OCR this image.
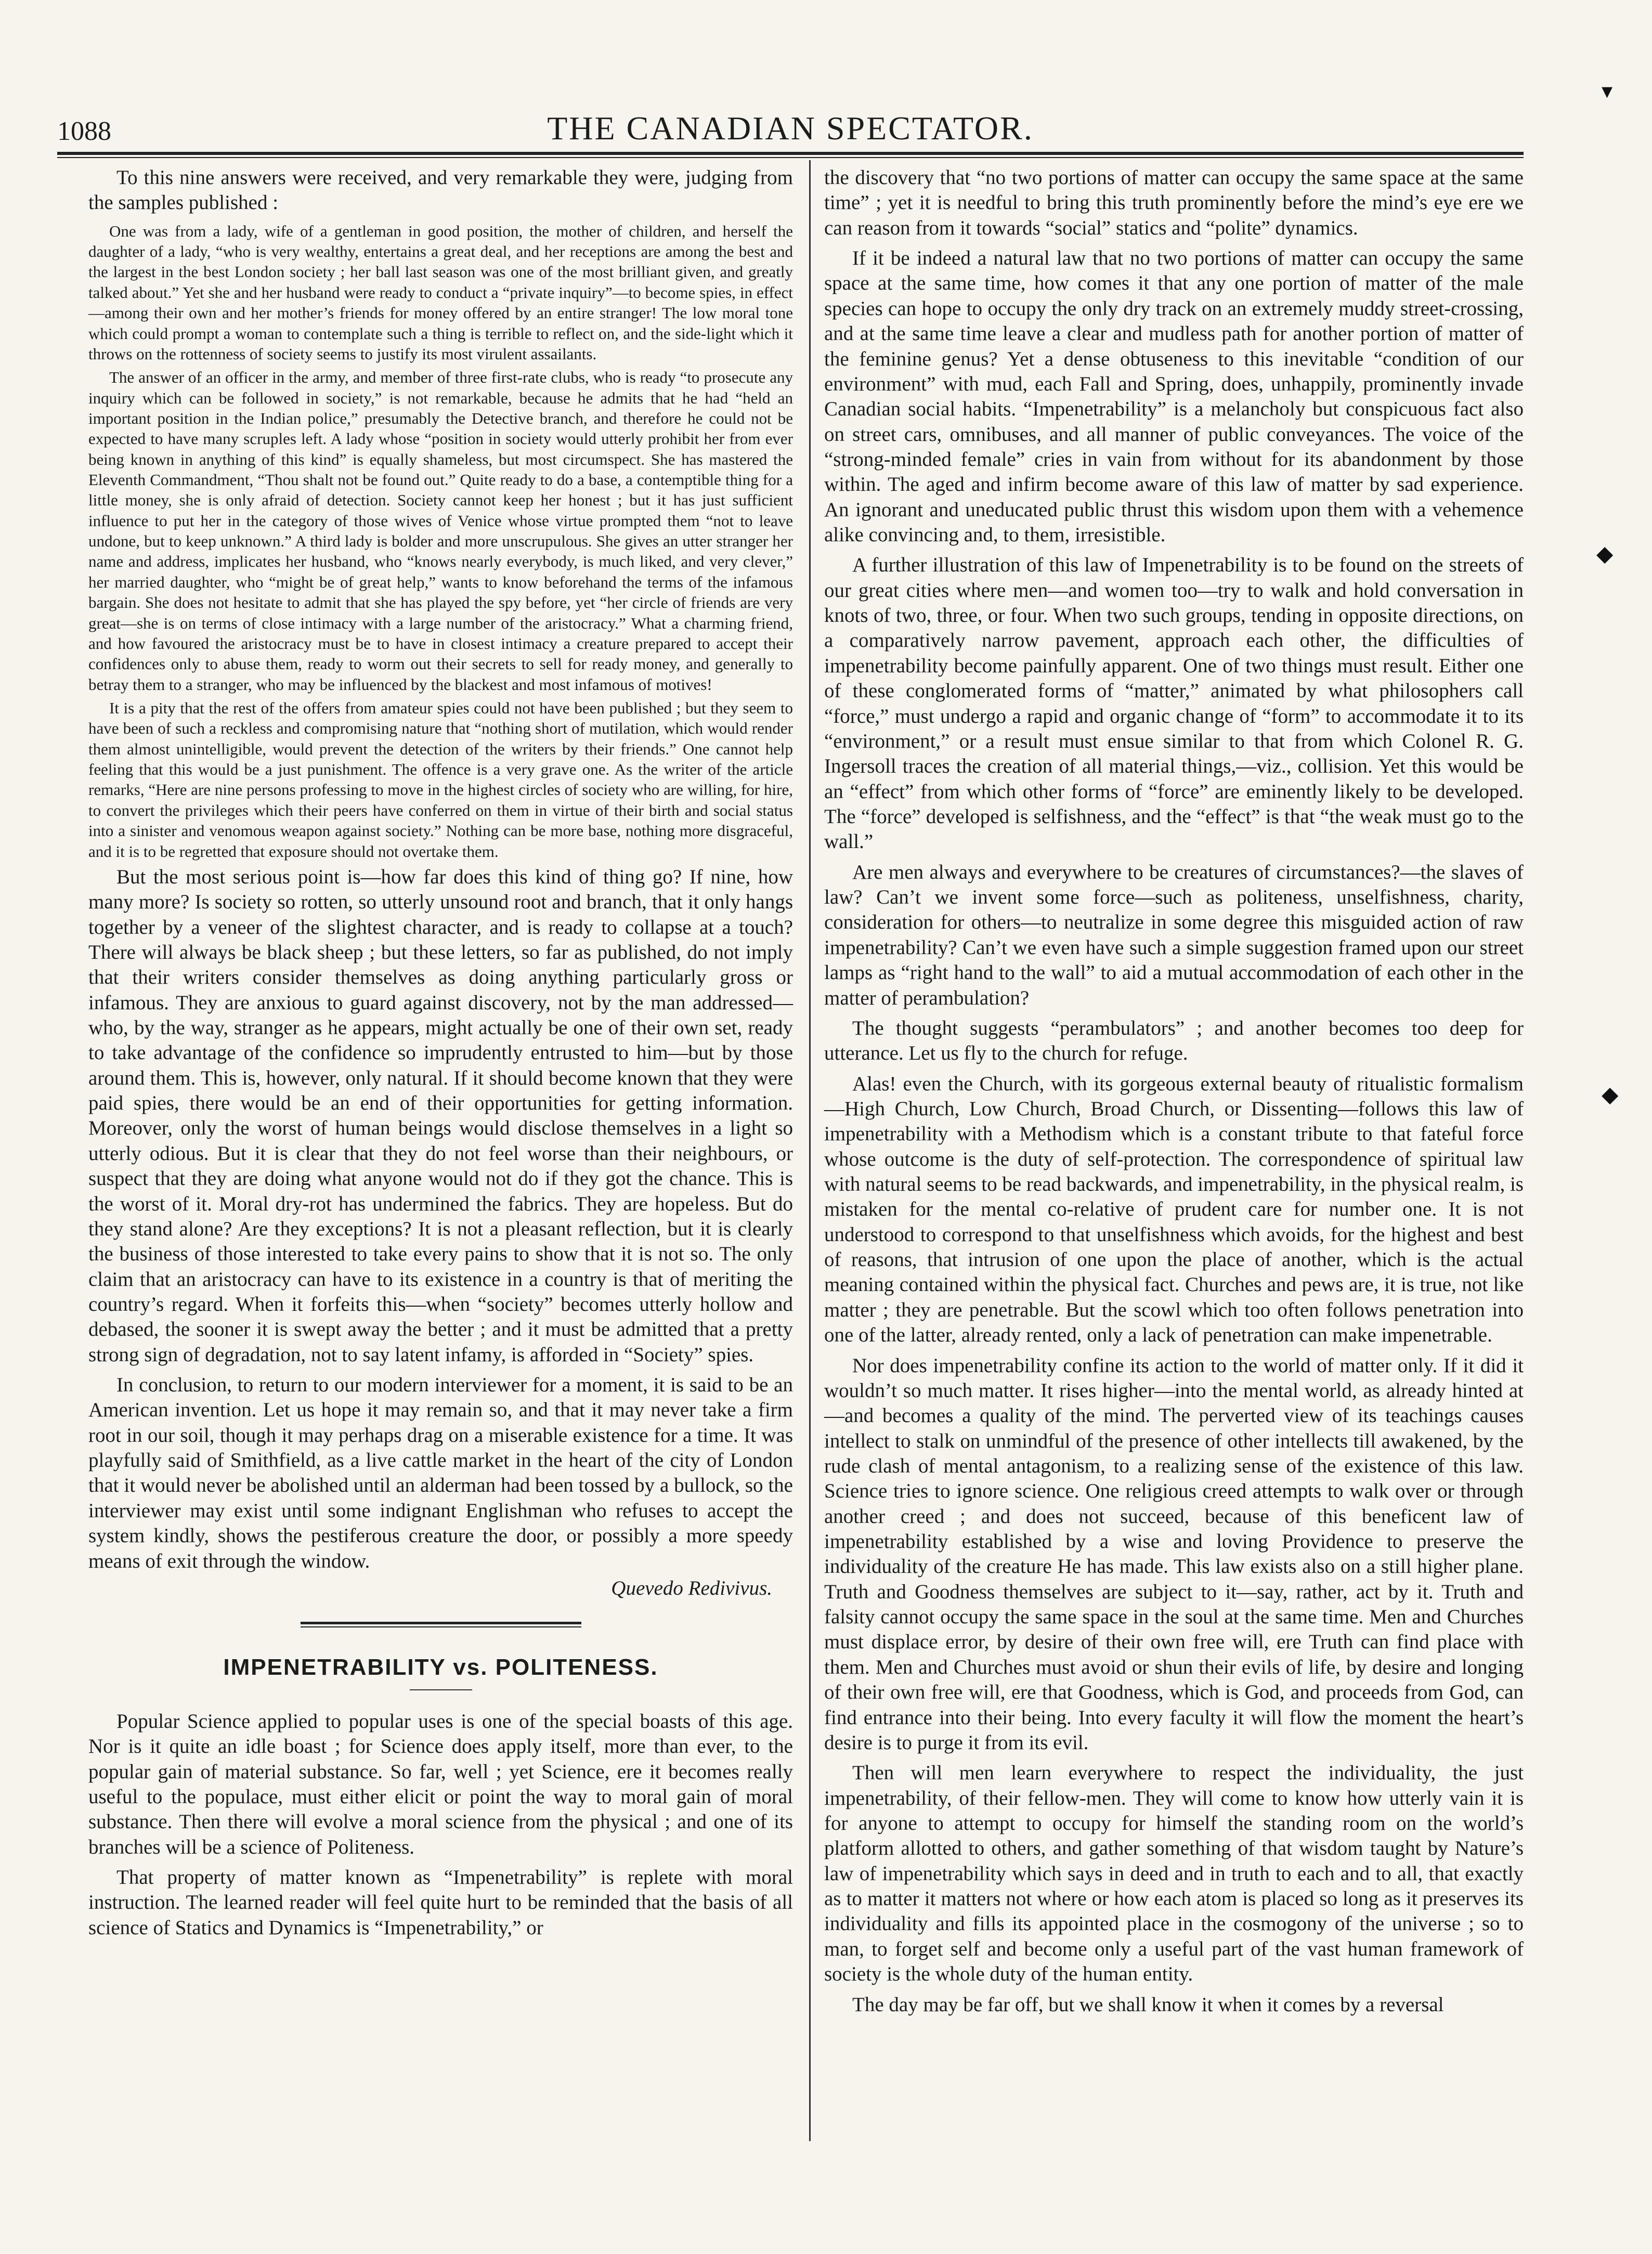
1088	THE CANADIAN SPECTATOR.

To this nine answers were received, and very remarkable they were, judging from the samples published :

One was from a lady, wife of a gentleman in good position, the mother of children, and herself the daughter of a lady, “who is very wealthy, entertains a great deal, and her receptions are among the best and the largest in the best London society ; her ball last season was one of the most brilliant given, and greatly talked about.” Yet she and her husband were ready to conduct a “private inquiry”—to become spies, in effect—among their own and her mother’s friends for money offered by an entire stranger! The low moral tone which could prompt a woman to contemplate such a thing is terrible to reflect on, and the side-light which it throws on the rottenness of society seems to justify its most virulent assailants.

The answer of an officer in the army, and member of three first-rate clubs, who is ready “to prosecute any inquiry which can be followed in society,” is not remarkable, because he admits that he had “held an important position in the Indian police,” presumably the Detective branch, and therefore he could not be expected to have many scruples left. A lady whose “position in society would utterly prohibit her from ever being known in anything of this kind” is equally shameless, but most circumspect. She has mastered the Eleventh Commandment, “Thou shalt not be found out.” Quite ready to do a base, a contemptible thing for a little money, she is only afraid of detection. Society cannot keep her honest ; but it has just sufficient influence to put her in the category of those wives of Venice whose virtue prompted them “not to leave undone, but to keep unknown.” A third lady is bolder and more unscrupulous. She gives an utter stranger her name and address, implicates her husband, who “knows nearly everybody, is much liked, and very clever,” her married daughter, who “might be of great help,” wants to know beforehand the terms of the infamous bargain. She does not hesitate to admit that she has played the spy before, yet “her circle of friends are very great—she is on terms of close intimacy with a large number of the aristocracy.” What a charming friend, and how favoured the aristocracy must be to have in closest intimacy a creature prepared to accept their confidences only to abuse them, ready to worm out their secrets to sell for ready money, and generally to betray them to a stranger, who may be influenced by the blackest and most infamous of motives!

It is a pity that the rest of the offers from amateur spies could not have been published ; but they seem to have been of such a reckless and compromising nature that “nothing short of mutilation, which would render them almost unintelligible, would prevent the detection of the writers by their friends.” One cannot help feeling that this would be a just punishment. The offence is a very grave one. As the writer of the article remarks, “Here are nine persons professing to move in the highest circles of society who are willing, for hire, to convert the privileges which their peers have conferred on them in virtue of their birth and social status into a sinister and venomous weapon against society.” Nothing can be more base, nothing more disgraceful, and it is to be regretted that exposure should not overtake them.

But the most serious point is—how far does this kind of thing go? If nine, how many more? Is society so rotten, so utterly unsound root and branch, that it only hangs together by a veneer of the slightest character, and is ready to collapse at a touch? There will always be black sheep ; but these letters, so far as published, do not imply that their writers consider themselves as doing anything particularly gross or infamous. They are anxious to guard against discovery, not by the man addressed—who, by the way, stranger as he appears, might actually be one of their own set, ready to take advantage of the confidence so imprudently entrusted to him—but by those around them. This is, however, only natural. If it should become known that they were paid spies, there would be an end of their opportunities for getting information. Moreover, only the worst of human beings would disclose themselves in a light so utterly odious. But it is clear that they do not feel worse than their neighbours, or suspect that they are doing what anyone would not do if they got the chance. This is the worst of it. Moral dry-rot has undermined the fabrics. They are hopeless. But do they stand alone? Are they exceptions? It is not a pleasant reflection, but it is clearly the business of those interested to take every pains to show that it is not so. The only claim that an aristocracy can have to its existence in a country is that of meriting the country’s regard. When it forfeits this—when “society” becomes utterly hollow and debased, the sooner it is swept away the better ; and it must be admitted that a pretty strong sign of degradation, not to say latent infamy, is afforded in “Society” spies.

In conclusion, to return to our modern interviewer for a moment, it is said to be an American invention. Let us hope it may remain so, and that it may never take a firm root in our soil, though it may perhaps drag on a miserable existence for a time. It was playfully said of Smithfield, as a live cattle market in the heart of the city of London that it would never be abolished until an alderman had been tossed by a bullock, so the interviewer may exist until some indignant Englishman who refuses to accept the system kindly, shows the pestiferous creature the door, or possibly a more speedy means of exit through the window.

Quevedo Redivivus.
IMPENETRABILITY vs. POLITENESS.

Popular Science applied to popular uses is one of the special boasts of this age. Nor is it quite an idle boast ; for Science does apply itself, more than ever, to the popular gain of material substance. So far, well ; yet Science, ere it becomes really useful to the populace, must either elicit or point the way to moral gain of moral substance. Then there will evolve a moral science from the physical ; and one of its branches will be a science of Politeness.

That property of matter known as “Impenetrability” is replete with moral instruction. The learned reader will feel quite hurt to be reminded that the basis of all science of Statics and Dynamics is “Impenetrability,” or

the discovery that “no two portions of matter can occupy the same space at the same time” ; yet it is needful to bring this truth prominently before the mind’s eye ere we can reason from it towards “social” statics and “polite” dynamics.

If it be indeed a natural law that no two portions of matter can occupy the same space at the same time, how comes it that any one portion of matter of the male species can hope to occupy the only dry track on an extremely muddy street-crossing, and at the same time leave a clear and mudless path for another portion of matter of the feminine genus? Yet a dense obtuseness to this inevitable “condition of our environment” with mud, each Fall and Spring, does, unhappily, prominently invade Canadian social habits. “Impenetrability” is a melancholy but conspicuous fact also on street cars, omnibuses, and all manner of public conveyances. The voice of the “strong-minded female” cries in vain from without for its abandonment by those within. The aged and infirm become aware of this law of matter by sad experience. An ignorant and uneducated public thrust this wisdom upon them with a vehemence alike convincing and, to them, irresistible.

A further illustration of this law of Impenetrability is to be found on the streets of our great cities where men—and women too—try to walk and hold conversation in knots of two, three, or four. When two such groups, tending in opposite directions, on a comparatively narrow pavement, approach each other, the difficulties of impenetrability become painfully apparent. One of two things must result. Either one of these conglomerated forms of “matter,” animated by what philosophers call “force,” must undergo a rapid and organic change of “form” to accommodate it to its “environment,” or a result must ensue similar to that from which Colonel R. G. Ingersoll traces the creation of all material things,—viz., collision. Yet this would be an “effect” from which other forms of “force” are eminently likely to be developed. The “force” developed is selfishness, and the “effect” is that “the weak must go to the wall.”

Are men always and everywhere to be creatures of circumstances?—the slaves of law? Can’t we invent some force—such as politeness, unselfishness, charity, consideration for others—to neutralize in some degree this misguided action of raw impenetrability? Can’t we even have such a simple suggestion framed upon our street lamps as “right hand to the wall” to aid a mutual accommodation of each other in the matter of perambulation?

The thought suggests “perambulators” ; and another becomes too deep for utterance. Let us fly to the church for refuge.

Alas! even the Church, with its gorgeous external beauty of ritualistic formalism—High Church, Low Church, Broad Church, or Dissenting—follows this law of impenetrability with a Methodism which is a constant tribute to that fateful force whose outcome is the duty of self-protection. The correspondence of spiritual law with natural seems to be read backwards, and impenetrability, in the physical realm, is mistaken for the mental co-relative of prudent care for number one. It is not understood to correspond to that unselfishness which avoids, for the highest and best of reasons, that intrusion of one upon the place of another, which is the actual meaning contained within the physical fact. Churches and pews are, it is true, not like matter ; they are penetrable. But the scowl which too often follows penetration into one of the latter, already rented, only a lack of penetration can make impenetrable.

Nor does impenetrability confine its action to the world of matter only. If it did it wouldn’t so much matter. It rises higher—into the mental world, as already hinted at—and becomes a quality of the mind. The perverted view of its teachings causes intellect to stalk on unmindful of the presence of other intellects till awakened, by the rude clash of mental antagonism, to a realizing sense of the existence of this law. Science tries to ignore science. One religious creed attempts to walk over or through another creed ; and does not succeed, because of this beneficent law of impenetrability established by a wise and loving Providence to preserve the individuality of the creature He has made. This law exists also on a still higher plane. Truth and Goodness themselves are subject to it—say, rather, act by it. Truth and falsity cannot occupy the same space in the soul at the same time. Men and Churches must displace error, by desire of their own free will, ere Truth can find place with them. Men and Churches must avoid or shun their evils of life, by desire and longing of their own free will, ere that Goodness, which is God, and proceeds from God, can find entrance into their being. Into every faculty it will flow the moment the heart’s desire is to purge it from its evil.

Then will men learn everywhere to respect the individuality, the just impenetrability, of their fellow-men. They will come to know how utterly vain it is for anyone to attempt to occupy for himself the standing room on the world’s platform allotted to others, and gather something of that wisdom taught by Nature’s law of impenetrability which says in deed and in truth to each and to all, that exactly as to matter it matters not where or how each atom is placed so long as it preserves its individuality and fills its appointed place in the cosmogony of the universe ; so to man, to forget self and become only a useful part of the vast human framework of society is the whole duty of the human entity.

The day may be far off, but we shall know it when it comes by a reversal

▾
◆
◆
